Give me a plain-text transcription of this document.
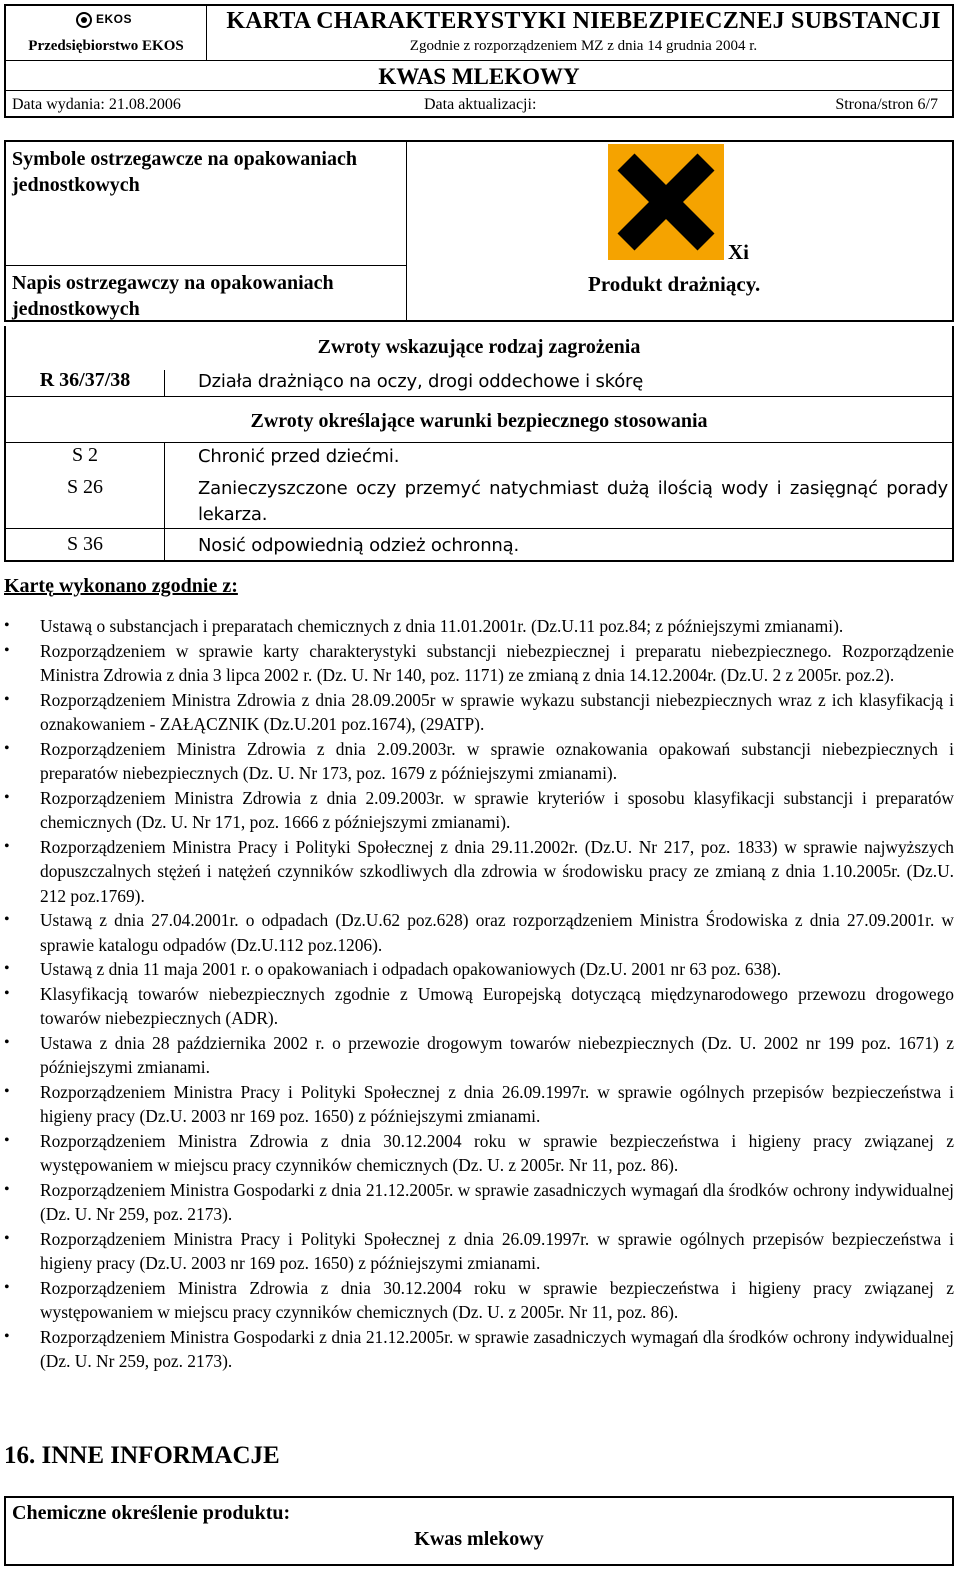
EKOS
Przedsiębiorstwo EKOS
KARTA CHARAKTERYSTYKI NIEBEZPIECZNEJ SUBSTANCJI
Zgodnie z rozporządzeniem MZ z dnia 14 grudnia 2004 r.
KWAS MLEKOWY
Data wydania: 21.08.2006	Data aktualizacji:	Strona/stron 6/7
Symbole ostrzegawcze na opakowaniach jednostkowych
Napis ostrzegawczy na opakowaniach jednostkowych
Xi
Produkt drażniący.
Zwroty wskazujące rodzaj zagrożenia
R 36/37/38	Działa drażniąco na oczy, drogi oddechowe i skórę
Zwroty określające warunki bezpiecznego stosowania
S 2	Chronić przed dziećmi.
S 26	Zanieczyszczone oczy przemyć natychmiast dużą ilością wody i zasięgnąć porady lekarza.
S 36	Nosić odpowiednią odzież ochronną.
Kartę wykonano zgodnie z:
• Ustawą o substancjach i preparatach chemicznych z dnia 11.01.2001r. (Dz.U.11 poz.84; z późniejszymi zmianami).
• Rozporządzeniem w sprawie karty charakterystyki substancji niebezpiecznej i preparatu niebezpiecznego. Rozporządzenie Ministra Zdrowia z dnia 3 lipca 2002 r. (Dz. U. Nr 140, poz. 1171) ze zmianą z dnia 14.12.2004r. (Dz.U. 2 z 2005r. poz.2).
• Rozporządzeniem Ministra Zdrowia z dnia 28.09.2005r w sprawie wykazu substancji niebezpiecznych wraz z ich klasyfikacją i oznakowaniem - ZAŁĄCZNIK (Dz.U.201 poz.1674), (29ATP).
• Rozporządzeniem Ministra Zdrowia z dnia 2.09.2003r. w sprawie oznakowania opakowań substancji niebezpiecznych i preparatów niebezpiecznych (Dz. U. Nr 173, poz. 1679 z późniejszymi zmianami).
• Rozporządzeniem Ministra Zdrowia z dnia 2.09.2003r. w sprawie kryteriów i sposobu klasyfikacji substancji i preparatów chemicznych (Dz. U. Nr 171, poz. 1666 z późniejszymi zmianami).
• Rozporządzeniem Ministra Pracy i Polityki Społecznej z dnia 29.11.2002r. (Dz.U. Nr 217, poz. 1833) w sprawie najwyższych dopuszczalnych stężeń i natężeń czynników szkodliwych dla zdrowia w środowisku pracy ze zmianą z dnia 1.10.2005r. (Dz.U. 212 poz.1769).
• Ustawą z dnia 27.04.2001r. o odpadach (Dz.U.62 poz.628) oraz rozporządzeniem Ministra Środowiska z dnia 27.09.2001r. w sprawie katalogu odpadów (Dz.U.112 poz.1206).
• Ustawą z dnia 11 maja 2001 r. o opakowaniach i odpadach opakowaniowych (Dz.U. 2001 nr 63 poz. 638).
• Klasyfikacją towarów niebezpiecznych zgodnie z Umową Europejską dotyczącą międzynarodowego przewozu drogowego towarów niebezpiecznych (ADR).
• Ustawa z dnia 28 października 2002 r. o przewozie drogowym towarów niebezpiecznych (Dz. U. 2002 nr 199 poz. 1671) z późniejszymi zmianami.
• Rozporządzeniem Ministra Pracy i Polityki Społecznej z dnia 26.09.1997r. w sprawie ogólnych przepisów bezpieczeństwa i higieny pracy (Dz.U. 2003 nr 169 poz. 1650) z późniejszymi zmianami.
• Rozporządzeniem Ministra Zdrowia z dnia 30.12.2004 roku w sprawie bezpieczeństwa i higieny pracy związanej z występowaniem w miejscu pracy czynników chemicznych (Dz. U. z 2005r. Nr 11, poz. 86).
• Rozporządzeniem Ministra Gospodarki z dnia 21.12.2005r. w sprawie zasadniczych wymagań dla środków ochrony indywidualnej (Dz. U. Nr 259, poz. 2173).
• Rozporządzeniem Ministra Pracy i Polityki Społecznej z dnia 26.09.1997r. w sprawie ogólnych przepisów bezpieczeństwa i higieny pracy (Dz.U. 2003 nr 169 poz. 1650) z późniejszymi zmianami.
• Rozporządzeniem Ministra Zdrowia z dnia 30.12.2004 roku w sprawie bezpieczeństwa i higieny pracy związanej z występowaniem w miejscu pracy czynników chemicznych (Dz. U. z 2005r. Nr 11, poz. 86).
• Rozporządzeniem Ministra Gospodarki z dnia 21.12.2005r. w sprawie zasadniczych wymagań dla środków ochrony indywidualnej (Dz. U. Nr 259, poz. 2173).
16. INNE INFORMACJE
Chemiczne określenie produktu:
Kwas mlekowy
